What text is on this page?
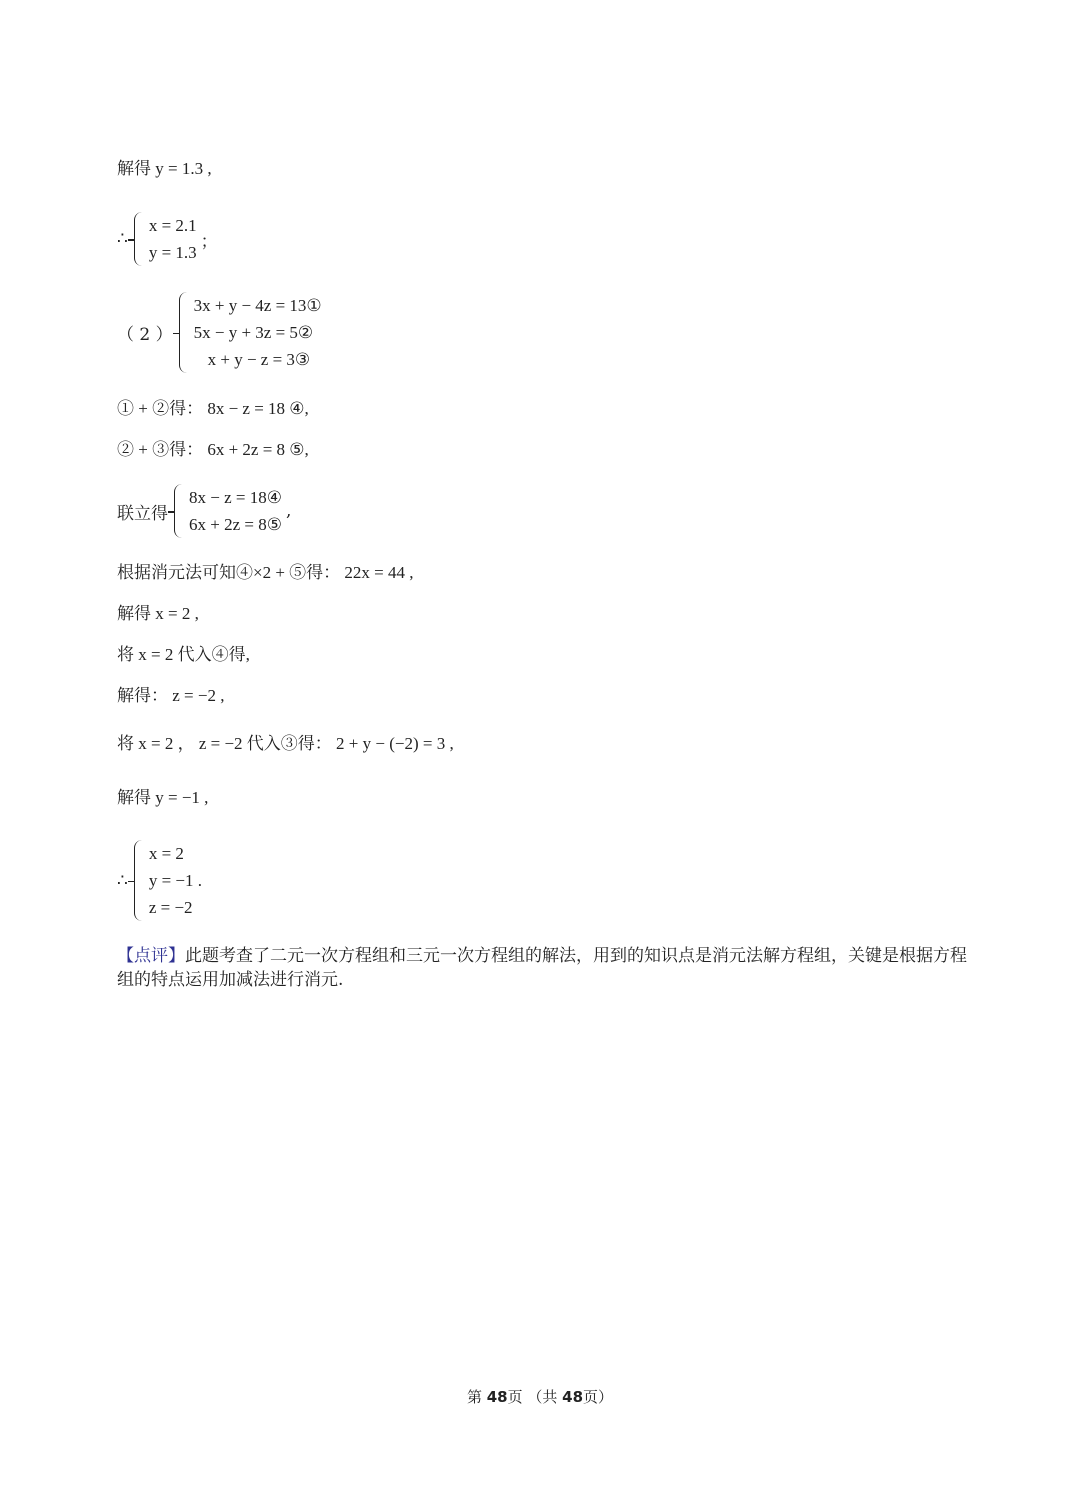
解得 y = 1.3 ,
∴
x = 2.1
y = 1.3
；
（ 2 ）
3x + y − 4z = 13①
5x − y + 3z = 5②
x + y − z = 3③
① + ②得： 8x − z = 18 ④,
② + ③得： 6x + 2z = 8 ⑤,
联立得
8x − z = 18④
6x + 2z = 8⑤
,
根据消元法可知④×2 + ⑤得： 22x = 44 ,
解得 x = 2 ,
将 x = 2 代入④得,
解得： z = −2 ,
将 x = 2 ， z = −2 代入③得： 2 + y − (−2) = 3 ,
解得 y = −1 ,
∴
x = 2
y = −1 .
z = −2
【点评】此题考查了二元一次方程组和三元一次方程组的解法，用到的知识点是消元法解方程组，关键是根据方程组的特点运用加减法进行消元.
第 48页 （共 48页）
